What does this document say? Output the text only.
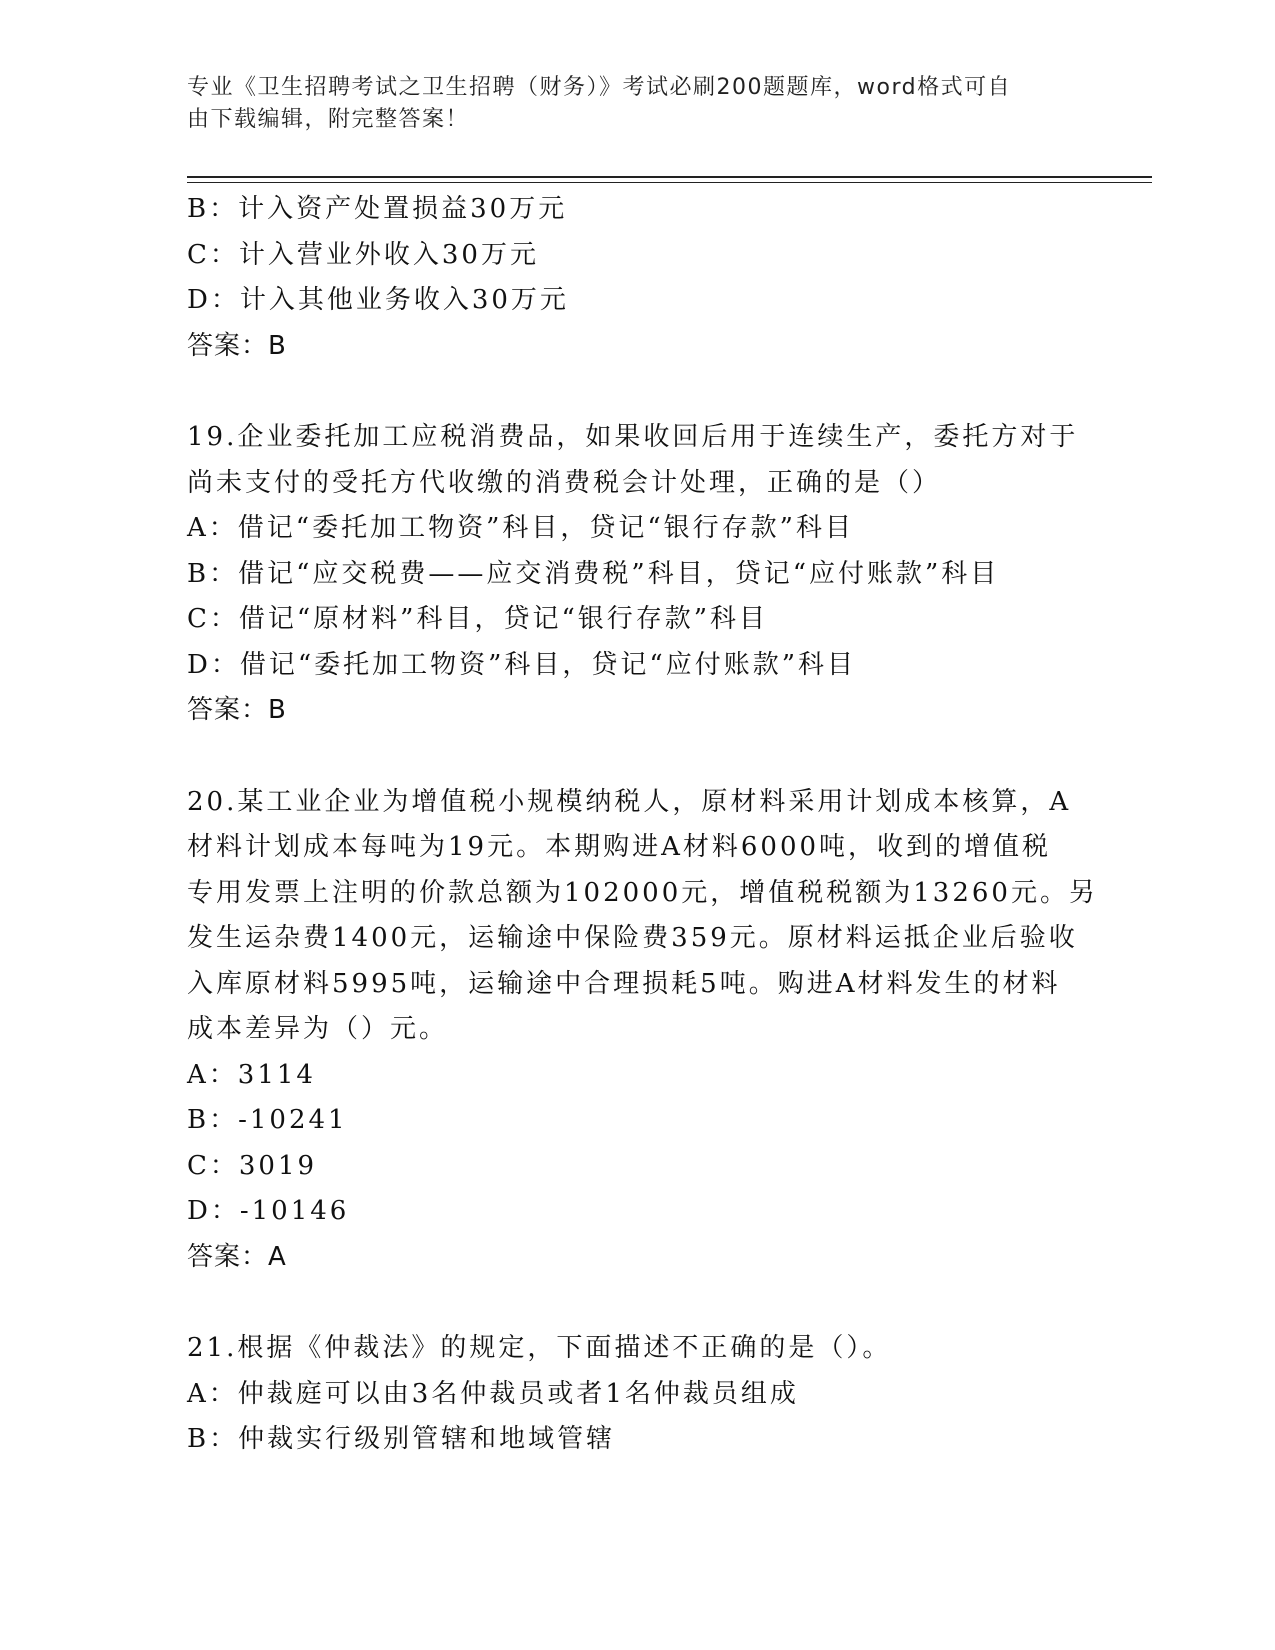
专业《卫生招聘考试之卫生招聘（财务）》考试必刷200题题库，word格式可自
由下载编辑，附完整答案！
B：计入资产处置损益30万元
C：计入营业外收入30万元
D：计入其他业务收入30万元
答案：B
19.企业委托加工应税消费品，如果收回后用于连续生产，委托方对于
尚未支付的受托方代收缴的消费税会计处理，正确的是（）
A：借记“委托加工物资”科目，贷记“银行存款”科目
B：借记“应交税费——应交消费税”科目，贷记“应付账款”科目
C：借记“原材料”科目，贷记“银行存款”科目
D：借记“委托加工物资”科目，贷记“应付账款”科目
答案：B
20.某工业企业为增值税小规模纳税人，原材料采用计划成本核算，A
材料计划成本每吨为19元。本期购进A材料6000吨，收到的增值税
专用发票上注明的价款总额为102000元，增值税税额为13260元。另
发生运杂费1400元，运输途中保险费359元。原材料运抵企业后验收
入库原材料5995吨，运输途中合理损耗5吨。购进A材料发生的材料
成本差异为（）元。
A：3114
B：-10241
C：3019
D：-10146
答案：A
21.根据《仲裁法》的规定，下面描述不正确的是（）。
A：仲裁庭可以由3名仲裁员或者1名仲裁员组成
B：仲裁实行级别管辖和地域管辖
